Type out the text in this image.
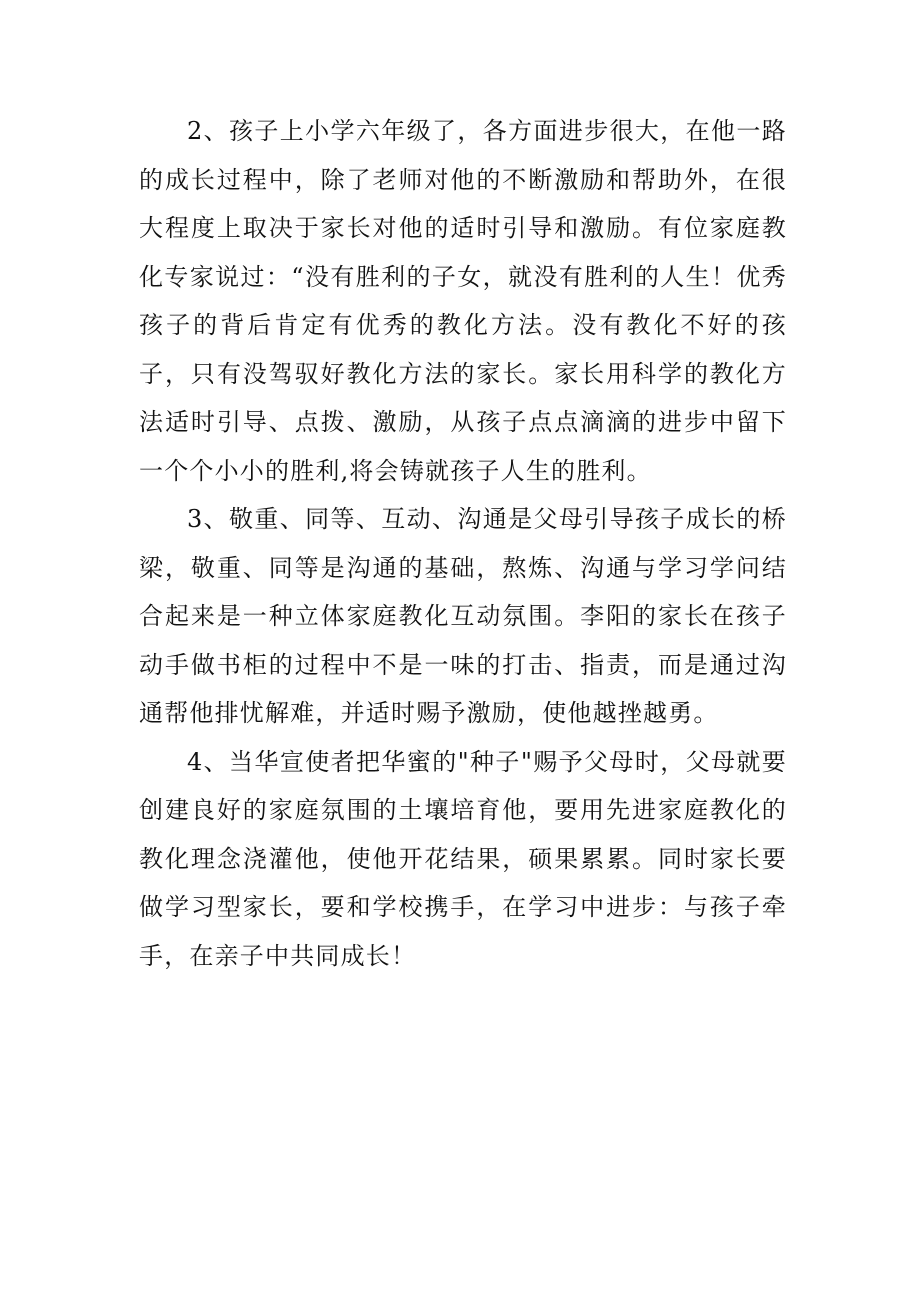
2、孩子上小学六年级了，各方面进步很大，在他一路的成长过程中，除了老师对他的不断激励和帮助外，在很大程度上取决于家长对他的适时引导和激励。有位家庭教化专家说过：“没有胜利的子女，就没有胜利的人生！优秀孩子的背后肯定有优秀的教化方法。没有教化不好的孩子，只有没驾驭好教化方法的家长。家长用科学的教化方法适时引导、点拨、激励，从孩子点点滴滴的进步中留下一个个小小的胜利,将会铸就孩子人生的胜利。

3、敬重、同等、互动、沟通是父母引导孩子成长的桥梁，敬重、同等是沟通的基础，熬炼、沟通与学习学问结合起来是一种立体家庭教化互动氛围。李阳的家长在孩子动手做书柜的过程中不是一味的打击、指责，而是通过沟通帮他排忧解难，并适时赐予激励，使他越挫越勇。

4、当华宣使者把华蜜的"种子"赐予父母时，父母就要创建良好的家庭氛围的土壤培育他，要用先进家庭教化的教化理念浇灌他，使他开花结果，硕果累累。同时家长要做学习型家长，要和学校携手，在学习中进步：与孩子牵手，在亲子中共同成长！
